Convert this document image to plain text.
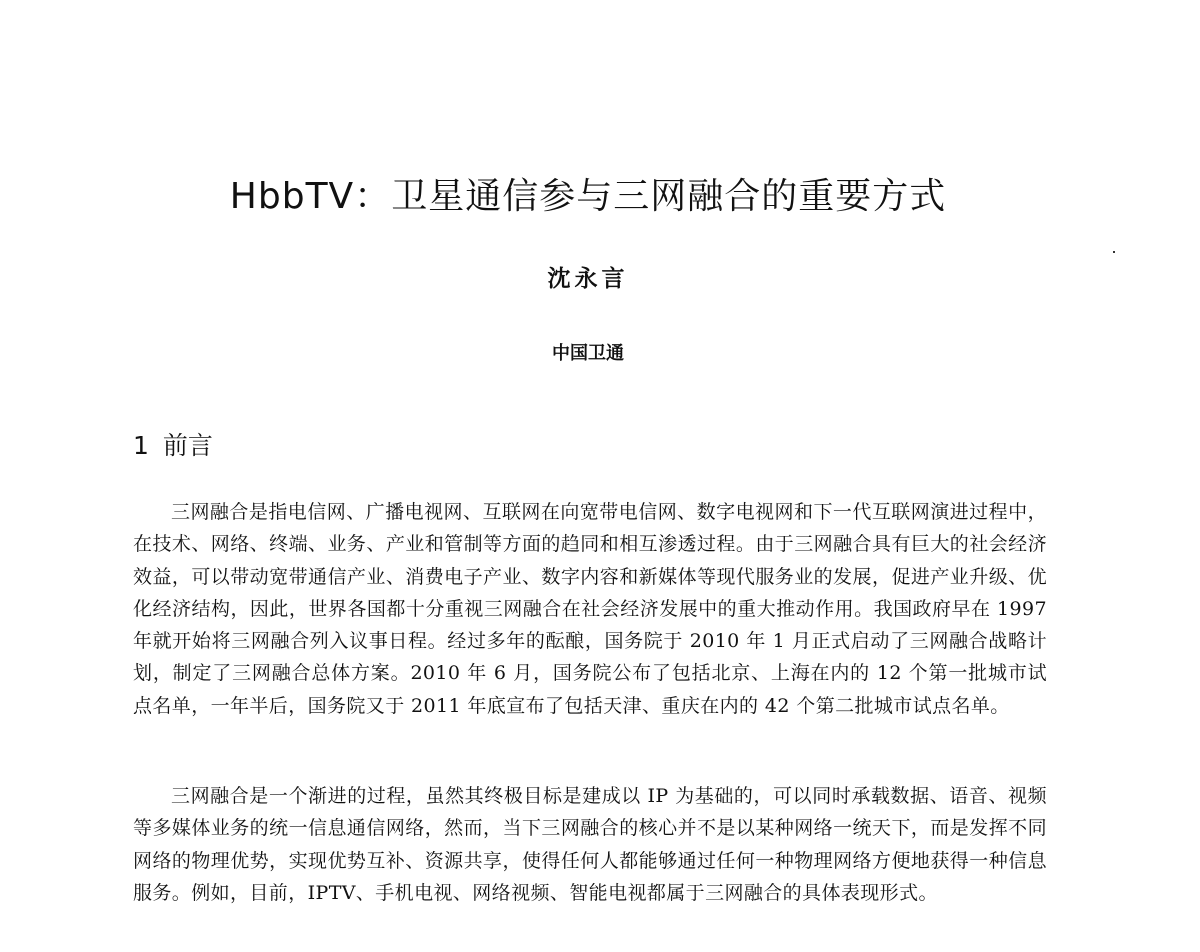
HbbTV：卫星通信参与三网融合的重要方式
沈永言
中国卫通
1 前言

三网融合是指电信网、广播电视网、互联网在向宽带电信网、数字电视网和下一代互联网演进过程中，在技术、网络、终端、业务、产业和管制等方面的趋同和相互渗透过程。由于三网融合具有巨大的社会经济效益，可以带动宽带通信产业、消费电子产业、数字内容和新媒体等现代服务业的发展，促进产业升级、优化经济结构，因此，世界各国都十分重视三网融合在社会经济发展中的重大推动作用。我国政府早在 1997 年就开始将三网融合列入议事日程。经过多年的酝酿，国务院于 2010 年 1 月正式启动了三网融合战略计划，制定了三网融合总体方案。2010 年 6 月，国务院公布了包括北京、上海在内的 12 个第一批城市试点名单，一年半后，国务院又于 2011 年底宣布了包括天津、重庆在内的 42 个第二批城市试点名单。

三网融合是一个渐进的过程，虽然其终极目标是建成以 IP 为基础的，可以同时承载数据、语音、视频等多媒体业务的统一信息通信网络，然而，当下三网融合的核心并不是以某种网络一统天下，而是发挥不同网络的物理优势，实现优势互补、资源共享，使得任何人都能够通过任何一种物理网络方便地获得一种信息服务。例如，目前，IPTV、手机电视、网络视频、智能电视都属于三网融合的具体表现形式。
